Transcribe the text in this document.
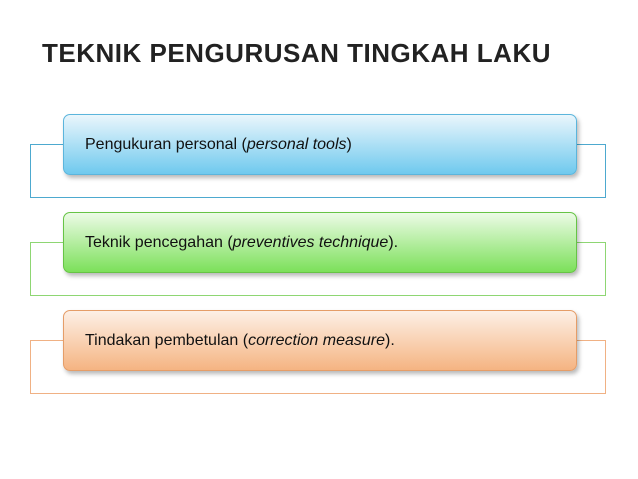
TEKNIK PENGURUSAN TINGKAH LAKU
Pengukuran personal ( personal tools )
Teknik pencegahan ( preventives technique ).
Tindakan pembetulan ( correction measure ).
